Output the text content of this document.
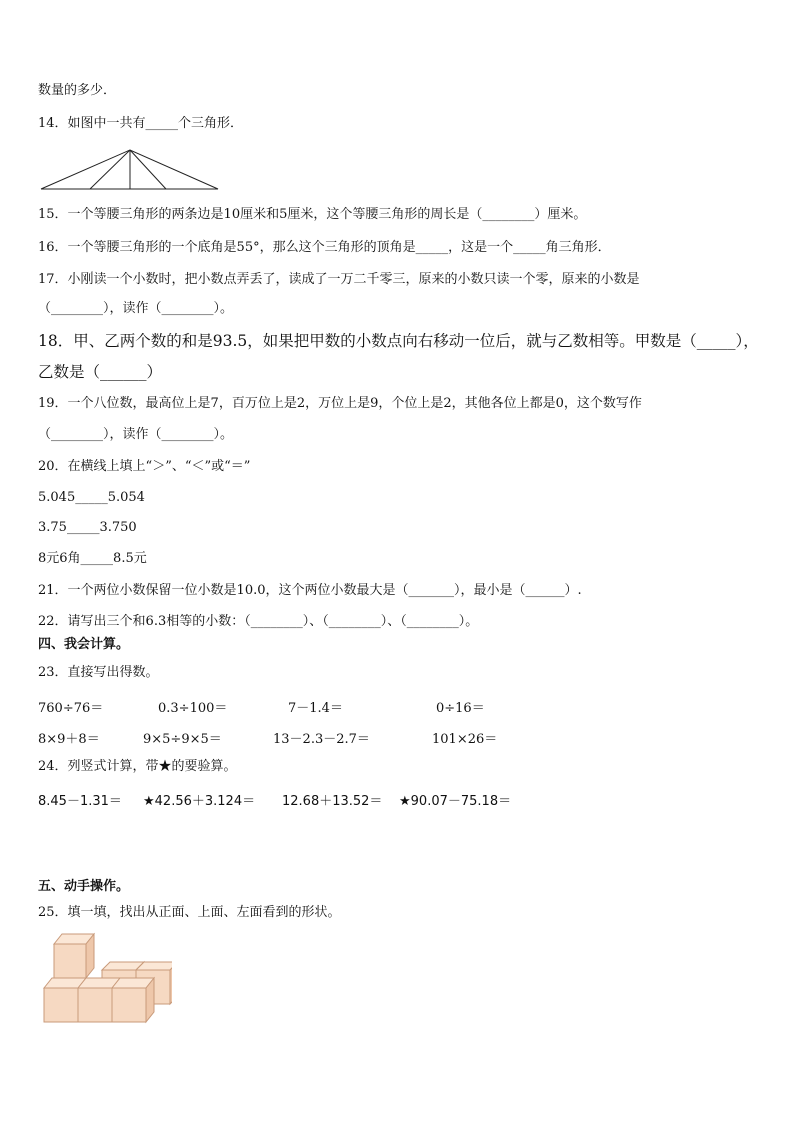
数量的多少．
14．如图中一共有_____个三角形．
15．一个等腰三角形的两条边是10厘米和5厘米，这个等腰三角形的周长是（________）厘米。
16．一个等腰三角形的一个底角是55°，那么这个三角形的顶角是_____，这是一个_____角三角形．
17．小刚读一个小数时，把小数点弄丢了，读成了一万二千零三，原来的小数只读一个零，原来的小数是
（________），读作（________）。
18．甲、乙两个数的和是93.5，如果把甲数的小数点向右移动一位后，就与乙数相等。甲数是（_____），
乙数是（______）
19．一个八位数，最高位上是7，百万位上是2，万位上是9，个位上是2，其他各位上都是0，这个数写作
（________），读作（________）。
20．在横线上填上“＞”、“＜”或“＝”
5.045_____5.054
3.75_____3.750
8元6角_____8.5元
21．一个两位小数保留一位小数是10.0，这个两位小数最大是（_______），最小是（______）.
22．请写出三个和6.3相等的小数：（________）、（________）、（________）。
四、我会计算。
23．直接写出得数。
760÷76＝	0.3÷100＝	7－1.4＝	0÷16＝
8×9＋8＝	9×5÷9×5＝	13－2.3－2.7＝	101×26＝
24．列竖式计算，带★的要验算。
8.45－1.31＝ ★42.56＋3.124＝ 12.68＋13.52＝ ★90.07－75.18＝
五、动手操作。
25．填一填，找出从正面、上面、左面看到的形状。
